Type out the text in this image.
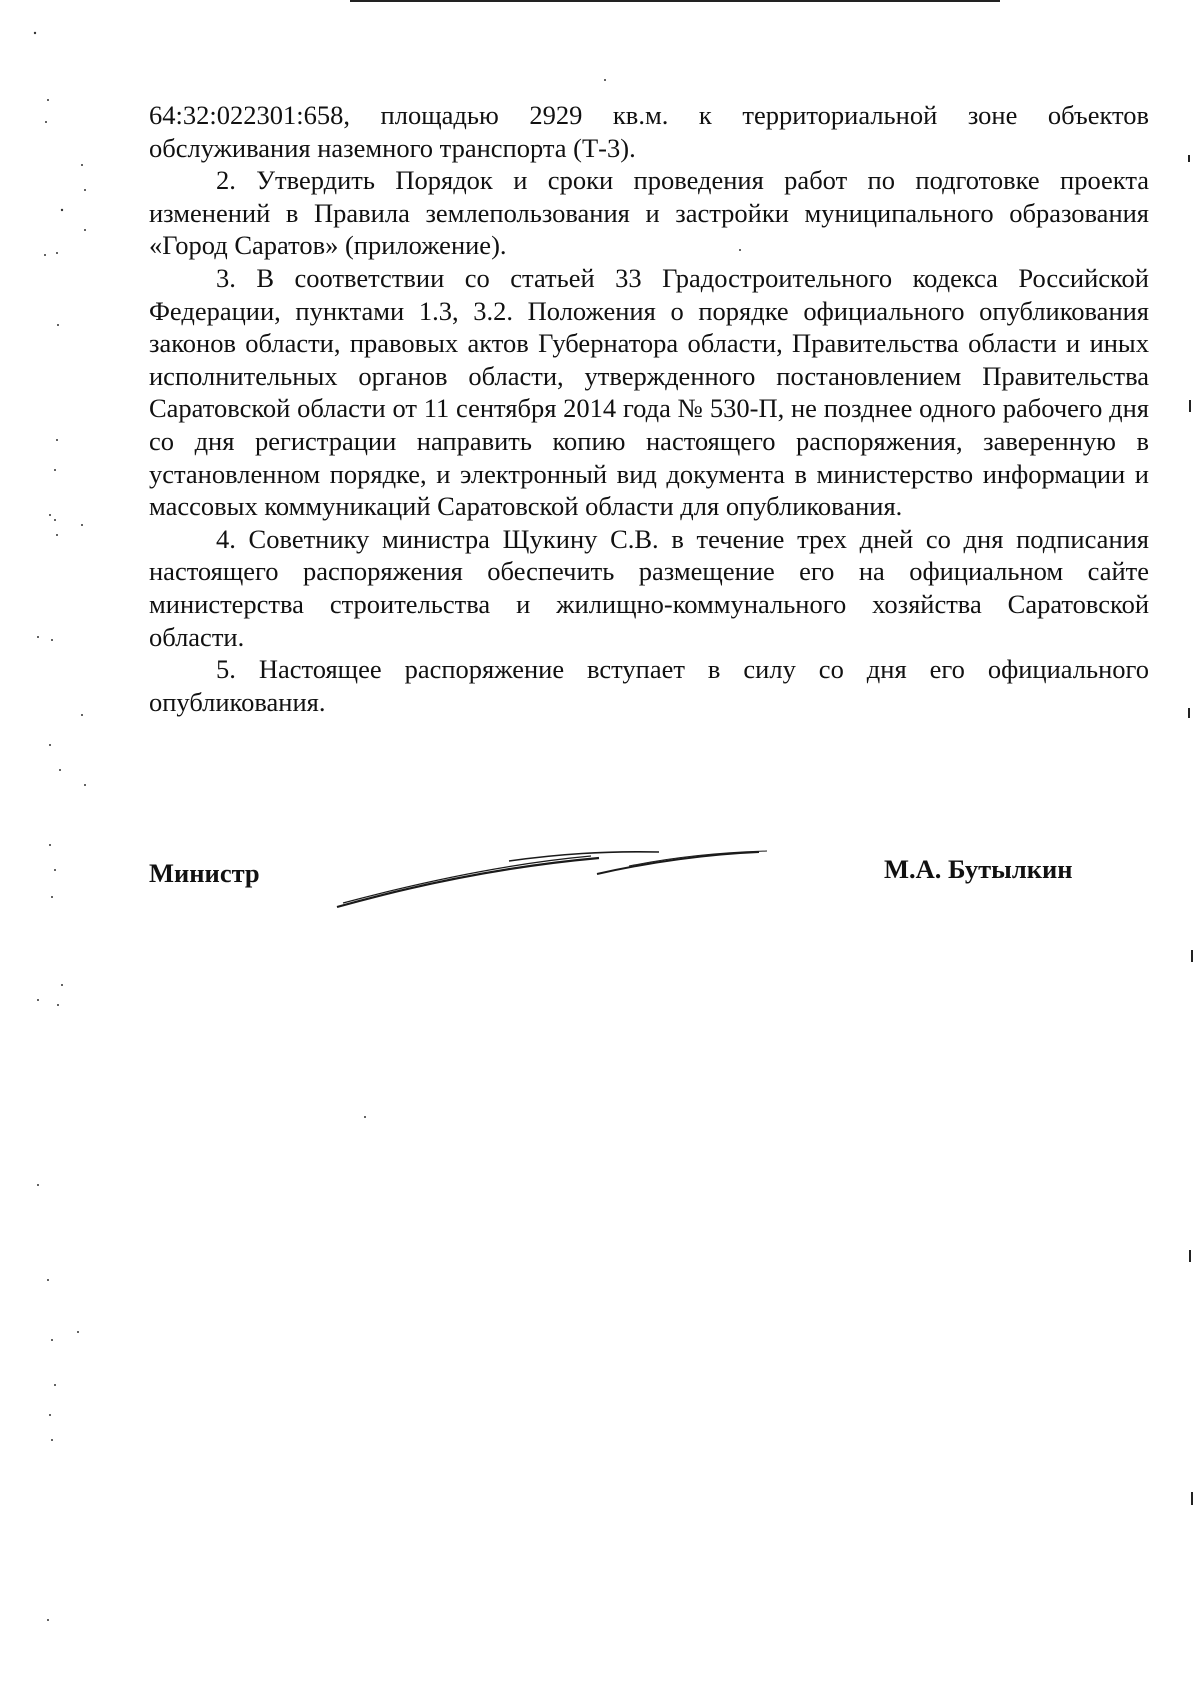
64:32:022301:658, площадью 2929 кв.м. к территориальной зоне объектов обслуживания наземного транспорта (Т-3).

2. Утвердить Порядок и сроки проведения работ по подготовке проекта изменений в Правила землепользования и застройки муниципального образования «Город Саратов» (приложение).

3. В соответствии со статьей 33 Градостроительного кодекса Российской Федерации, пунктами 1.3, 3.2. Положения о порядке официального опубликования законов области, правовых актов Губернатора области, Правительства области и иных исполнительных органов области, утвержденного постановлением Правительства Саратовской области от 11 сентября 2014 года № 530-П, не позднее одного рабочего дня со дня регистрации направить копию настоящего распоряжения, заверенную в установленном порядке, и электронный вид документа в министерство информации и массовых коммуникаций Саратовской области для опубликования.

4. Советнику министра Щукину С.В. в течение трех дней со дня подписания настоящего распоряжения обеспечить размещение его на официальном сайте министерства строительства и жилищно-коммунального хозяйства Саратовской области.

5. Настоящее распоряжение вступает в силу со дня его официального опубликования.

Министр	М.А. Бутылкин
